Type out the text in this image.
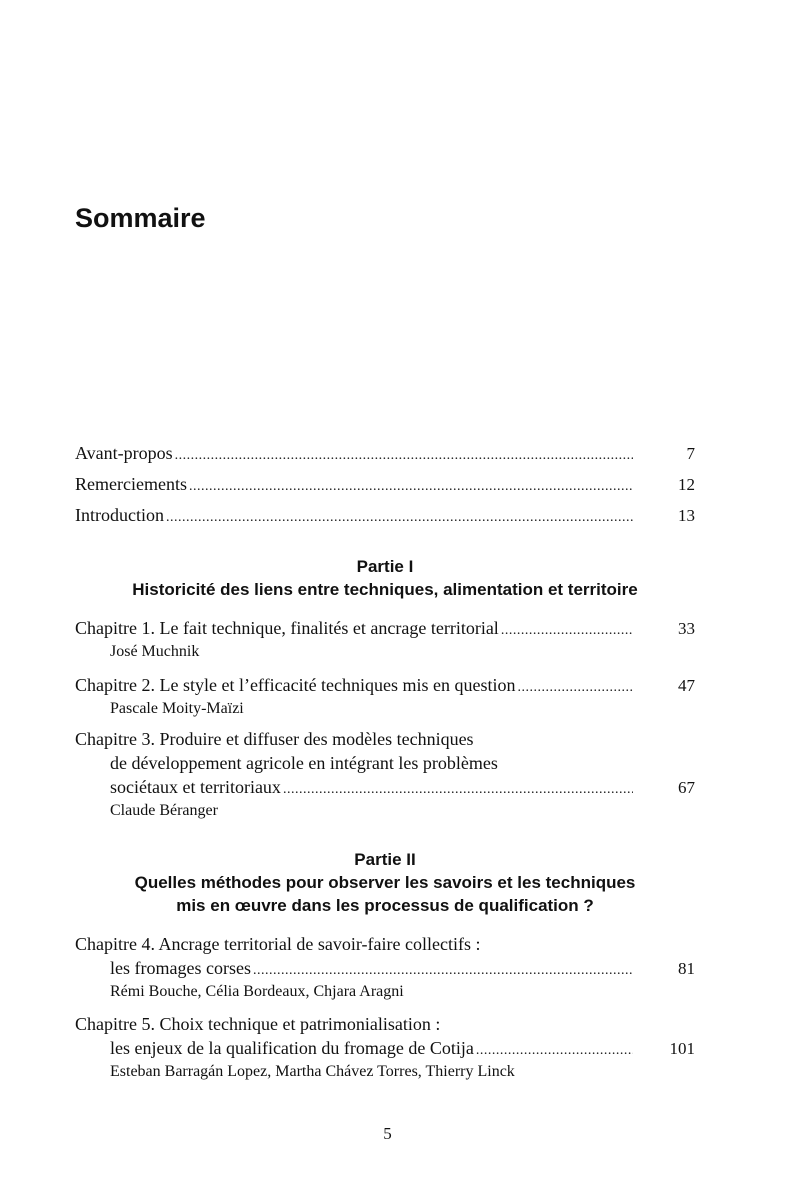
Sommaire
Avant-propos .....	7
Remerciements .....	12
Introduction .....	13
Partie I
Historicité des liens entre techniques, alimentation et territoire
Chapitre 1. Le fait technique, finalités et ancrage territorial .....	33
José Muchnik
Chapitre 2. Le style et l’efficacité techniques mis en question .....	47
Pascale Moity-Maïzi
Chapitre 3. Produire et diffuser des modèles techniques
de développement agricole en intégrant les problèmes
sociétaux et territoriaux .....	67
Claude Béranger
Partie II
Quelles méthodes pour observer les savoirs et les techniques
mis en œuvre dans les processus de qualification ?
Chapitre 4. Ancrage territorial de savoir-faire collectifs :
les fromages corses .....	81
Rémi Bouche, Célia Bordeaux, Chjara Aragni
Chapitre 5. Choix technique et patrimonialisation :
les enjeux de la qualification du fromage de Cotija .....	101
Esteban Barragán Lopez, Martha Chávez Torres, Thierry Linck
5
